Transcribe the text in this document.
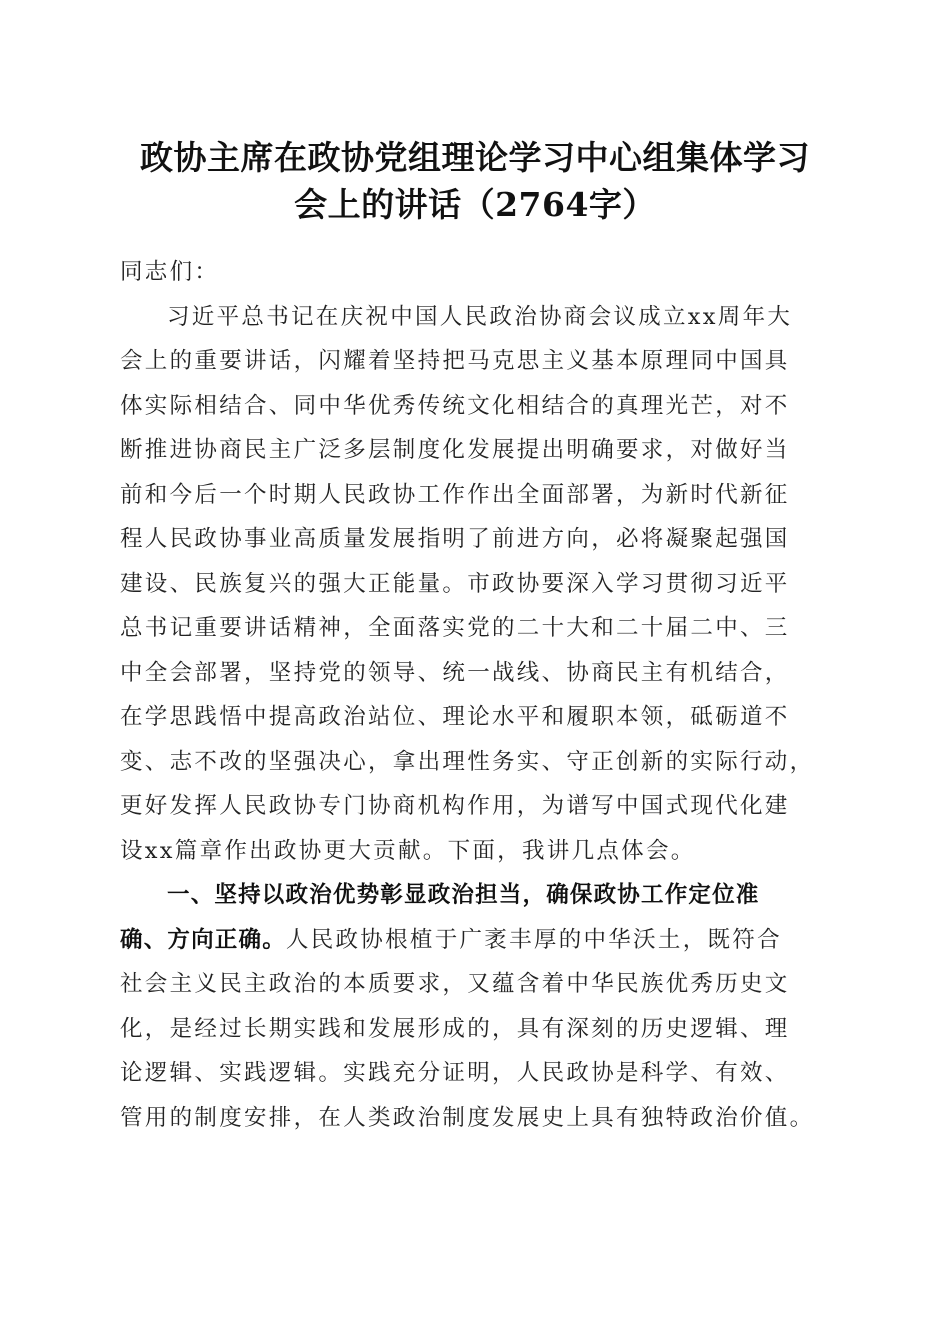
政协主席在政协党组理论学习中心组集体学习
会上的讲话（2764字）
同志们：
习近平总书记在庆祝中国人民政治协商会议成立xx周年大
会上的重要讲话，闪耀着坚持把马克思主义基本原理同中国具
体实际相结合、同中华优秀传统文化相结合的真理光芒，对不
断推进协商民主广泛多层制度化发展提出明确要求，对做好当
前和今后一个时期人民政协工作作出全面部署，为新时代新征
程人民政协事业高质量发展指明了前进方向，必将凝聚起强国
建设、民族复兴的强大正能量。市政协要深入学习贯彻习近平
总书记重要讲话精神，全面落实党的二十大和二十届二中、三
中全会部署，坚持党的领导、统一战线、协商民主有机结合，
在学思践悟中提高政治站位、理论水平和履职本领，砥砺道不
变、志不改的坚强决心，拿出理性务实、守正创新的实际行动，
更好发挥人民政协专门协商机构作用，为谱写中国式现代化建
设xx篇章作出政协更大贡献。下面，我讲几点体会。
一、坚持以政治优势彰显政治担当，确保政协工作定位准
确、方向正确。人民政协根植于广袤丰厚的中华沃土，既符合
社会主义民主政治的本质要求，又蕴含着中华民族优秀历史文
化，是经过长期实践和发展形成的，具有深刻的历史逻辑、理
论逻辑、实践逻辑。实践充分证明，人民政协是科学、有效、
管用的制度安排，在人类政治制度发展史上具有独特政治价值。
